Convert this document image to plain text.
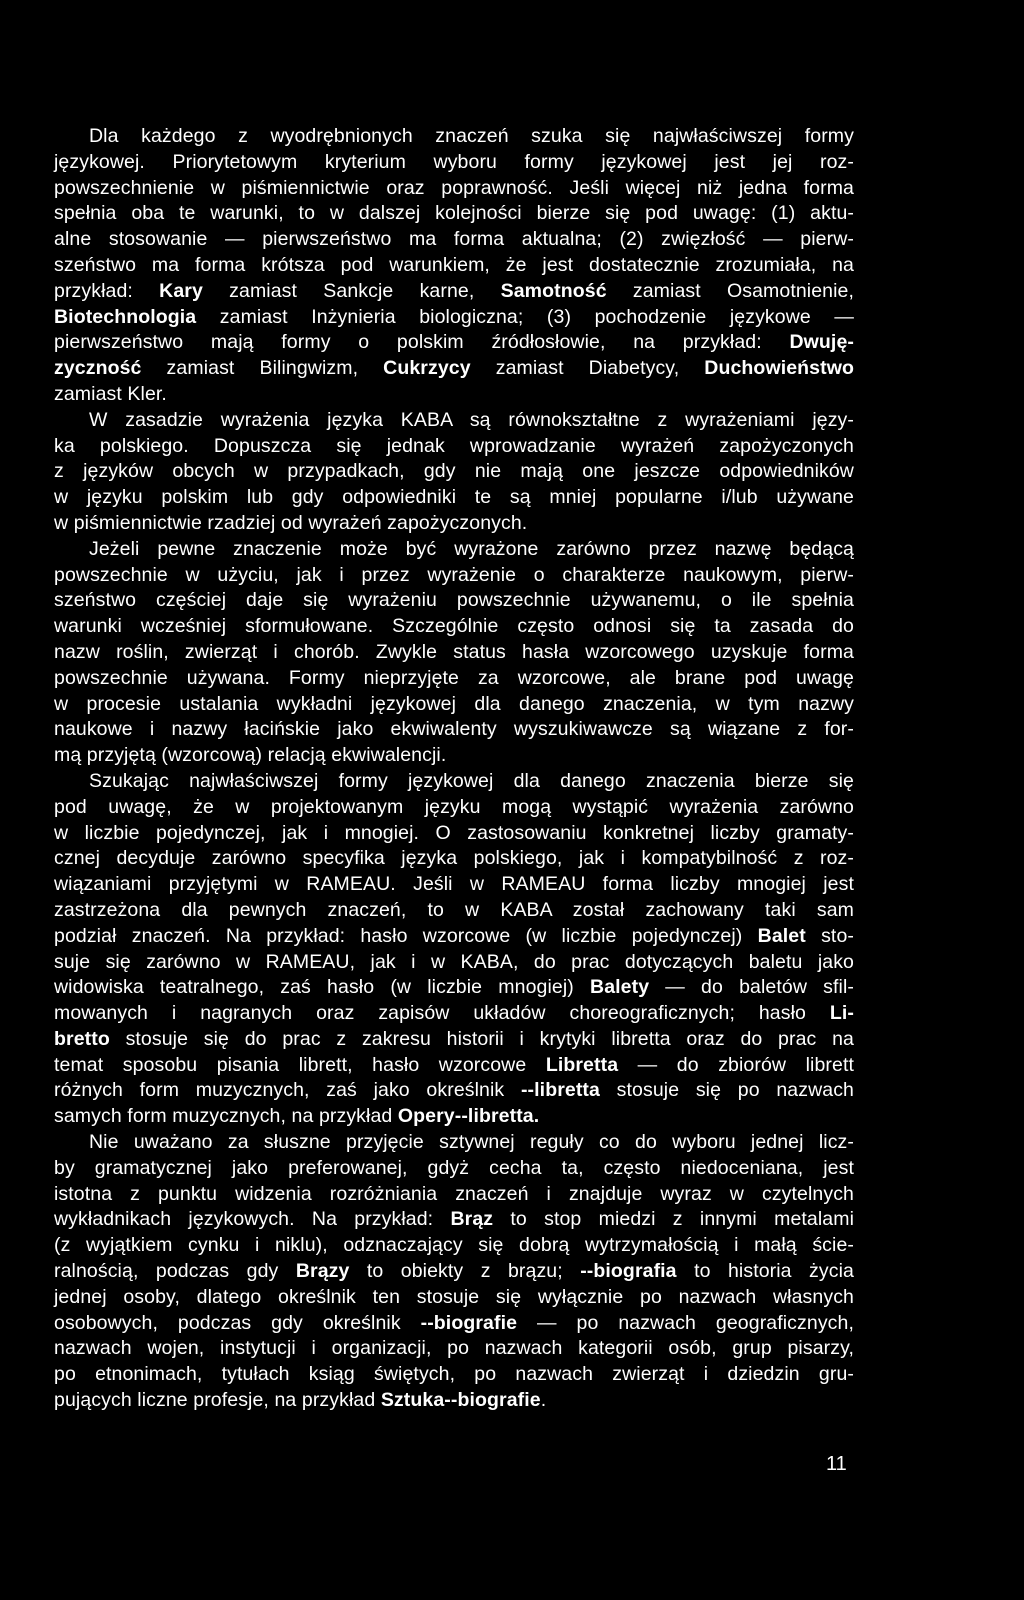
Dla każdego z wyodrębnionych znaczeń szuka się najwłaściwszej formy
językowej. Priorytetowym kryterium wyboru formy językowej jest jej roz-
powszechnienie w piśmiennictwie oraz poprawność. Jeśli więcej niż jedna forma
spełnia oba te warunki, to w dalszej kolejności bierze się pod uwagę: (1) aktu-
alne stosowanie — pierwszeństwo ma forma aktualna; (2) zwięzłość — pierw-
szeństwo ma forma krótsza pod warunkiem, że jest dostatecznie zrozumiała, na
przykład: Kary zamiast Sankcje karne, Samotność zamiast Osamotnienie,
Biotechnologia zamiast Inżynieria biologiczna; (3) pochodzenie językowe —
pierwszeństwo mają formy o polskim źródłosłowie, na przykład: Dwuję-
zyczność zamiast Bilingwizm, Cukrzycy zamiast Diabetycy, Duchowieństwo
zamiast Kler.
W zasadzie wyrażenia języka KABA są równokształtne z wyrażeniami języ-
ka polskiego. Dopuszcza się jednak wprowadzanie wyrażeń zapożyczonych
z języków obcych w przypadkach, gdy nie mają one jeszcze odpowiedników
w języku polskim lub gdy odpowiedniki te są mniej popularne i/lub używane
w piśmiennictwie rzadziej od wyrażeń zapożyczonych.
Jeżeli pewne znaczenie może być wyrażone zarówno przez nazwę będącą
powszechnie w użyciu, jak i przez wyrażenie o charakterze naukowym, pierw-
szeństwo częściej daje się wyrażeniu powszechnie używanemu, o ile spełnia
warunki wcześniej sformułowane. Szczególnie często odnosi się ta zasada do
nazw roślin, zwierząt i chorób. Zwykle status hasła wzorcowego uzyskuje forma
powszechnie używana. Formy nieprzyjęte za wzorcowe, ale brane pod uwagę
w procesie ustalania wykładni językowej dla danego znaczenia, w tym nazwy
naukowe i nazwy łacińskie jako ekwiwalenty wyszukiwawcze są wiązane z for-
mą przyjętą (wzorcową) relacją ekwiwalencji.
Szukając najwłaściwszej formy językowej dla danego znaczenia bierze się
pod uwagę, że w projektowanym języku mogą wystąpić wyrażenia zarówno
w liczbie pojedynczej, jak i mnogiej. O zastosowaniu konkretnej liczby gramaty-
cznej decyduje zarówno specyfika języka polskiego, jak i kompatybilność z roz-
wiązaniami przyjętymi w RAMEAU. Jeśli w RAMEAU forma liczby mnogiej jest
zastrzeżona dla pewnych znaczeń, to w KABA został zachowany taki sam
podział znaczeń. Na przykład: hasło wzorcowe (w liczbie pojedynczej) Balet sto-
suje się zarówno w RAMEAU, jak i w KABA, do prac dotyczących baletu jako
widowiska teatralnego, zaś hasło (w liczbie mnogiej) Balety — do baletów sfil-
mowanych i nagranych oraz zapisów układów choreograficznych; hasło Li-
bretto stosuje się do prac z zakresu historii i krytyki libretta oraz do prac na
temat sposobu pisania librett, hasło wzorcowe Libretta — do zbiorów librett
różnych form muzycznych, zaś jako określnik --libretta stosuje się po nazwach
samych form muzycznych, na przykład Opery--libretta.
Nie uważano za słuszne przyjęcie sztywnej reguły co do wyboru jednej licz-
by gramatycznej jako preferowanej, gdyż cecha ta, często niedoceniana, jest
istotna z punktu widzenia rozróżniania znaczeń i znajduje wyraz w czytelnych
wykładnikach językowych. Na przykład: Brąz to stop miedzi z innymi metalami
(z wyjątkiem cynku i niklu), odznaczający się dobrą wytrzymałością i małą ście-
ralnością, podczas gdy Brązy to obiekty z brązu; --biografia to historia życia
jednej osoby, dlatego określnik ten stosuje się wyłącznie po nazwach własnych
osobowych, podczas gdy określnik --biografie — po nazwach geograficznych,
nazwach wojen, instytucji i organizacji, po nazwach kategorii osób, grup pisarzy,
po etnonimach, tytułach ksiąg świętych, po nazwach zwierząt i dziedzin gru-
pujących liczne profesje, na przykład Sztuka--biografie.
11
